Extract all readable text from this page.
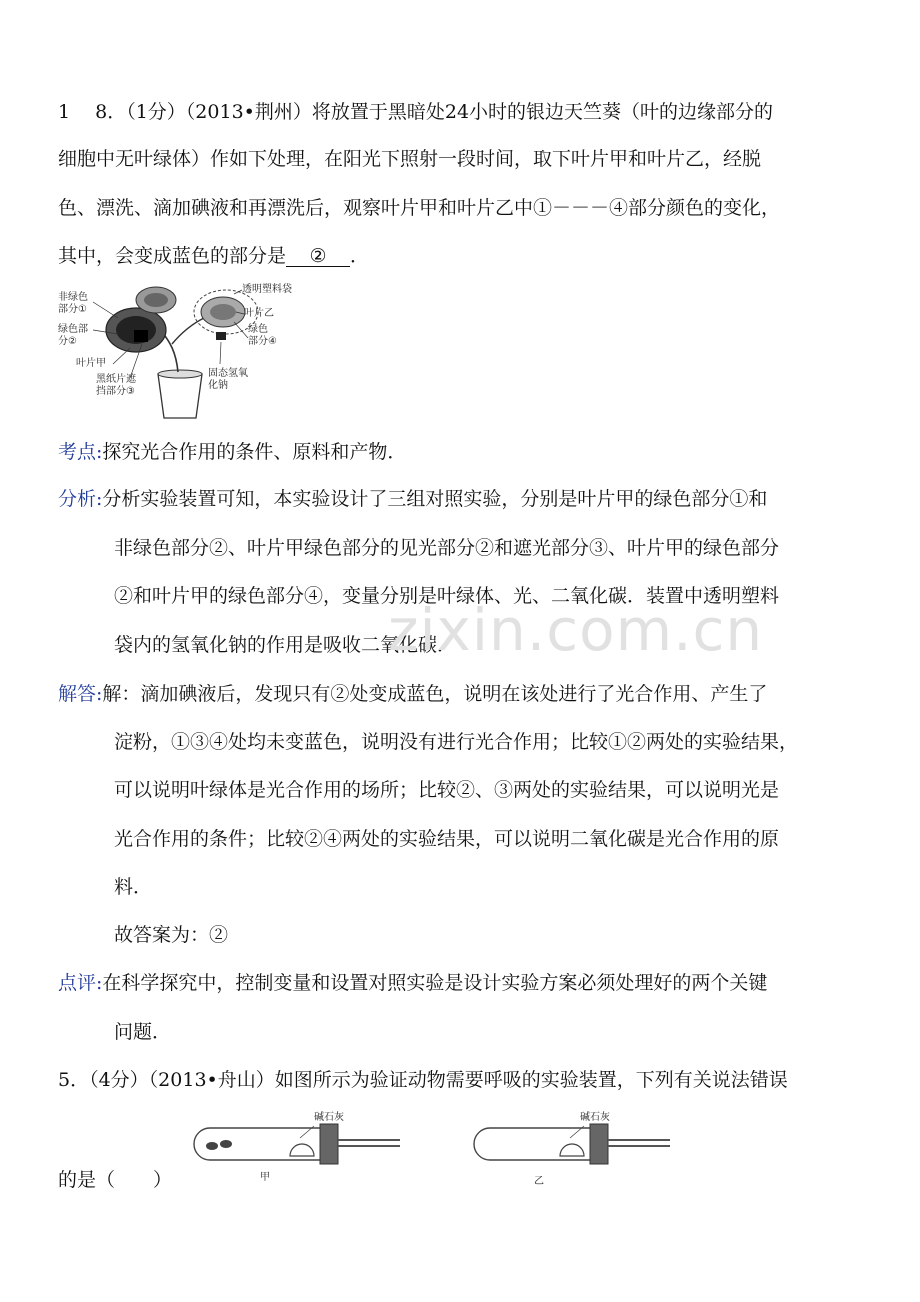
1　 8．（1分）（2013•荆州）将放置于黑暗处24小时的银边天竺葵（叶的边缘部分的
细胞中无叶绿体）作如下处理，在阳光下照射一段时间，取下叶片甲和叶片乙，经脱
色、漂洗、滴加碘液和再漂洗后，观察叶片甲和叶片乙中①－－－④部分颜色的变化，
其中，会变成蓝色的部分是 ② ．
非绿色
部分①
绿色部
分②
叶片甲
黑纸片遮
挡部分③
透明塑料袋
叶片乙
绿色
部分④
固态氢氧
化钠
考点:探究光合作用的条件、原料和产物．
分析:分析实验装置可知，本实验设计了三组对照实验，分别是叶片甲的绿色部分①和
非绿色部分②、叶片甲绿色部分的见光部分②和遮光部分③、叶片甲的绿色部分
②和叶片甲的绿色部分④，变量分别是叶绿体、光、二氧化碳．装置中透明塑料
袋内的氢氧化钠的作用是吸收二氧化碳．
解答:解：滴加碘液后，发现只有②处变成蓝色，说明在该处进行了光合作用、产生了
淀粉，①③④处均未变蓝色，说明没有进行光合作用；比较①②两处的实验结果，
可以说明叶绿体是光合作用的场所；比较②、③两处的实验结果，可以说明光是
光合作用的条件；比较②④两处的实验结果，可以说明二氧化碳是光合作用的原
料．
故答案为：②
点评:在科学探究中，控制变量和设置对照实验是设计实验方案必须处理好的两个关键
问题．
5．（4分）（2013•舟山）如图所示为验证动物需要呼吸的实验装置，下列有关说法错误
的是（　　）
碱石灰
甲
碱石灰
乙
zixin.com.cn
